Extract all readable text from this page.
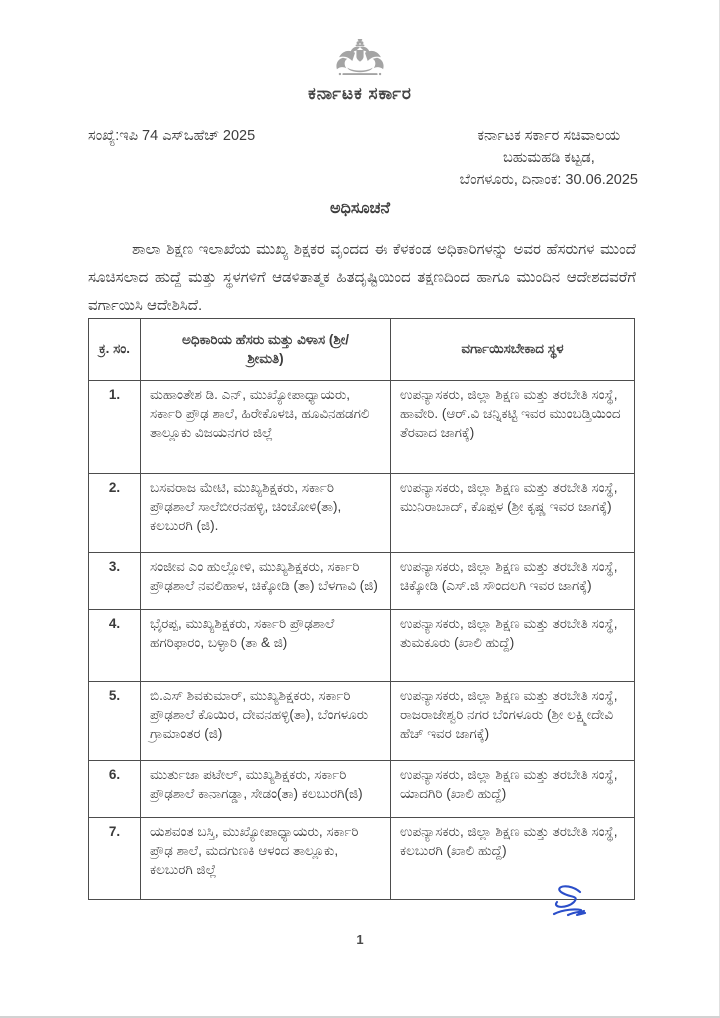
ಕರ್ನಾಟಕ ಸರ್ಕಾರ
ಸಂಖ್ಯೆ:ಇಪಿ 74 ಎಸ್ಒಹೆಚ್ 2025	ಕರ್ನಾಟಕ ಸರ್ಕಾರ ಸಚಿವಾಲಯ
ಬಹುಮಹಡಿ ಕಟ್ಟಡ,
ಬೆಂಗಳೂರು, ದಿನಾಂಕ: 30.06.2025
ಅಧಿಸೂಚನೆ
ಶಾಲಾ ಶಿಕ್ಷಣ ಇಲಾಖೆಯ ಮುಖ್ಯ ಶಿಕ್ಷಕರ ವೃಂದದ ಈ ಕೆಳಕಂಡ ಅಧಿಕಾರಿಗಳನ್ನು ಅವರ ಹೆಸರುಗಳ ಮುಂದೆ ಸೂಚಿಸಲಾದ ಹುದ್ದೆ ಮತ್ತು ಸ್ಥಳಗಳಿಗೆ ಆಡಳಿತಾತ್ಮಕ ಹಿತದೃಷ್ಟಿಯಿಂದ ತಕ್ಷಣದಿಂದ ಹಾಗೂ ಮುಂದಿನ ಆದೇಶದವರೆಗೆ ವರ್ಗಾಯಿಸಿ ಆದೇಶಿಸಿದೆ.
ಕ್ರ. ಸಂ.	ಅಧಿಕಾರಿಯ ಹೆಸರು ಮತ್ತು ವಿಳಾಸ (ಶ್ರೀ/ಶ್ರೀಮತಿ)	ವರ್ಗಾಯಿಸಬೇಕಾದ ಸ್ಥಳ
1.	ಮಹಾಂತೇಶ ಡಿ. ಎನ್, ಮುಖ್ಯೋಪಾಧ್ಯಾಯರು, ಸರ್ಕಾರಿ ಪ್ರೌಢ ಶಾಲೆ, ಹಿರೇಕೊಳಚಿ, ಹೂವಿನಹಡಗಲಿ ತಾಲ್ಲೂಕು ವಿಜಯನಗರ ಜಿಲ್ಲೆ	ಉಪನ್ಯಾಸಕರು, ಜಿಲ್ಲಾ ಶಿಕ್ಷಣ ಮತ್ತು ತರಬೇತಿ ಸಂಸ್ಥೆ, ಹಾವೇರಿ. (ಆರ್.ವಿ ಚನ್ನಿಕಟ್ಟಿ ಇವರ ಮುಂಬಡ್ತಿಯಿಂದ ತೆರವಾದ ಜಾಗಕ್ಕೆ)
2.	ಬಸವರಾಜ ಮೇಟಿ, ಮುಖ್ಯಶಿಕ್ಷಕರು, ಸರ್ಕಾರಿ ಪ್ರೌಢಶಾಲೆ ಸಾಲೆಬೀರನಹಳ್ಳಿ, ಚಿಂಚೋಳಿ(ತಾ), ಕಲಬುರಗಿ (ಜಿ).	ಉಪನ್ಯಾಸಕರು, ಜಿಲ್ಲಾ ಶಿಕ್ಷಣ ಮತ್ತು ತರಬೇತಿ ಸಂಸ್ಥೆ, ಮುನಿರಾಬಾದ್, ಕೊಪ್ಪಳ (ಶ್ರೀ ಕೃಷ್ಣ ಇವರ ಜಾಗಕ್ಕೆ)
3.	ಸಂಜೀವ ಎಂ ಹುಲ್ಲೋಳಿ, ಮುಖ್ಯಶಿಕ್ಷಕರು, ಸರ್ಕಾರಿ ಪ್ರೌಢಶಾಲೆ ನವಲಿಹಾಳ, ಚಿಕ್ಕೋಡಿ (ತಾ) ಬೆಳಗಾವಿ (ಜಿ)	ಉಪನ್ಯಾಸಕರು, ಜಿಲ್ಲಾ ಶಿಕ್ಷಣ ಮತ್ತು ತರಬೇತಿ ಸಂಸ್ಥೆ, ಚಿಕ್ಕೋಡಿ (ಎಸ್.ಜಿ ಸೌಂದಲಗಿ ಇವರ ಜಾಗಕ್ಕೆ)
4.	ಭೈರಪ್ಪ, ಮುಖ್ಯಶಿಕ್ಷಕರು, ಸರ್ಕಾರಿ ಪ್ರೌಢಶಾಲೆ ಹಗರಿಫಾರಂ, ಬಳ್ಳಾರಿ (ತಾ & ಜಿ)	ಉಪನ್ಯಾಸಕರು, ಜಿಲ್ಲಾ ಶಿಕ್ಷಣ ಮತ್ತು ತರಬೇತಿ ಸಂಸ್ಥೆ, ತುಮಕೂರು (ಖಾಲಿ ಹುದ್ದೆ)
5.	ಬಿ.ಎಸ್ ಶಿವಕುಮಾರ್, ಮುಖ್ಯಶಿಕ್ಷಕರು, ಸರ್ಕಾರಿ ಪ್ರೌಢಶಾಲೆ ಕೊಯಿರ, ದೇವನಹಳ್ಳಿ(ತಾ), ಬೆಂಗಳೂರು ಗ್ರಾಮಾಂತರ (ಜಿ)	ಉಪನ್ಯಾಸಕರು, ಜಿಲ್ಲಾ ಶಿಕ್ಷಣ ಮತ್ತು ತರಬೇತಿ ಸಂಸ್ಥೆ, ರಾಜರಾಜೇಶ್ವರಿ ನಗರ ಬೆಂಗಳೂರು (ಶ್ರೀ ಲಕ್ಷ್ಮೀದೇವಿ ಹೆಚ್ ಇವರ ಜಾಗಕ್ಕೆ)
6.	ಮುರ್ತುಜಾ ಪಟೇಲ್, ಮುಖ್ಯಶಿಕ್ಷಕರು, ಸರ್ಕಾರಿ ಪ್ರೌಢಶಾಲೆ ಕಾನಾಗಡ್ಡಾ, ಸೇಡಂ(ತಾ) ಕಲಬುರಗಿ(ಜಿ)	ಉಪನ್ಯಾಸಕರು, ಜಿಲ್ಲಾ ಶಿಕ್ಷಣ ಮತ್ತು ತರಬೇತಿ ಸಂಸ್ಥೆ, ಯಾದಗಿರಿ (ಖಾಲಿ ಹುದ್ದೆ)
7.	ಯಶವಂತ ಬಸ್ತಿ, ಮುಖ್ಯೋಪಾಧ್ಯಾಯರು, ಸರ್ಕಾರಿ ಪ್ರೌಢ ಶಾಲೆ, ಮದಗುಣಕಿ ಆಳಂದ ತಾಲ್ಲೂಕು, ಕಲಬುರಗಿ ಜಿಲ್ಲೆ	ಉಪನ್ಯಾಸಕರು, ಜಿಲ್ಲಾ ಶಿಕ್ಷಣ ಮತ್ತು ತರಬೇತಿ ಸಂಸ್ಥೆ, ಕಲಬುರಗಿ (ಖಾಲಿ ಹುದ್ದೆ)
1
